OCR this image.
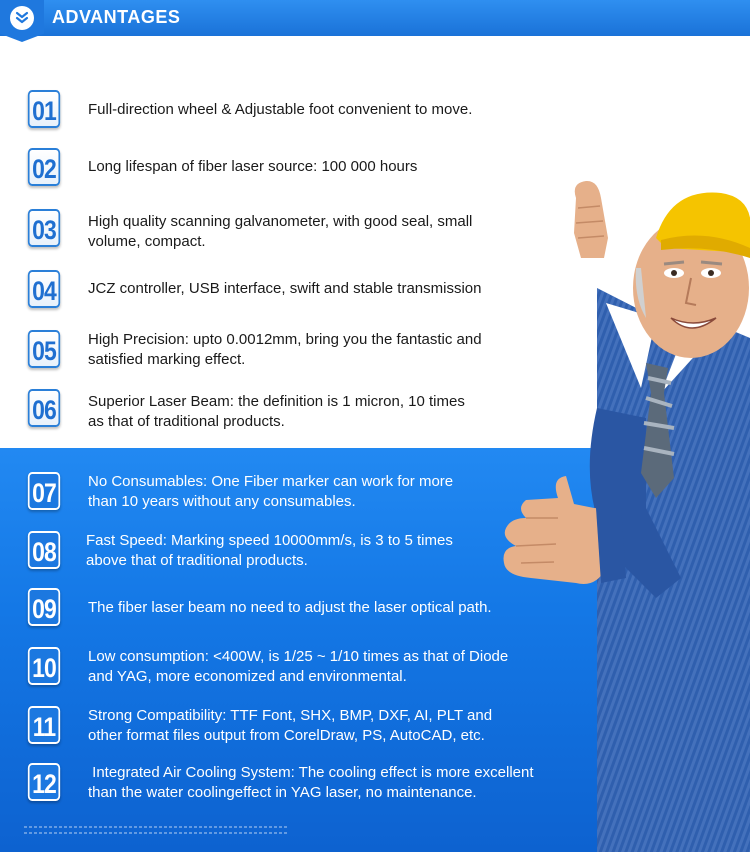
ADVANTAGES
01 Full-direction wheel & Adjustable foot convenient to move.
02 Long lifespan of fiber laser source: 100 000 hours
03 High quality scanning galvanometer, with good seal, small
volume, compact.
04 JCZ controller, USB interface, swift and stable transmission
05 High Precision: upto 0.0012mm, bring you the fantastic and
satisfied marking effect.
06 Superior Laser Beam: the definition is 1 micron, 10 times
as that of traditional products.
07 No Consumables: One Fiber marker can work for more
than 10 years without any consumables.
08 Fast Speed: Marking speed 10000mm/s, is 3 to 5 times
above that of traditional products.
09 The fiber laser beam no need to adjust the laser optical path.
10 Low consumption: <400W, is 1/25 ~ 1/10 times as that of Diode
and YAG, more economized and environmental.
11	Strong Compatibility: TTF Font, SHX, BMP, DXF, AI, PLT and
other format files output from CorelDraw, PS, AutoCAD, etc.
12 Integrated Air Cooling System: The cooling effect is more excellent
than the water coolingeffect in YAG laser, no maintenance.
